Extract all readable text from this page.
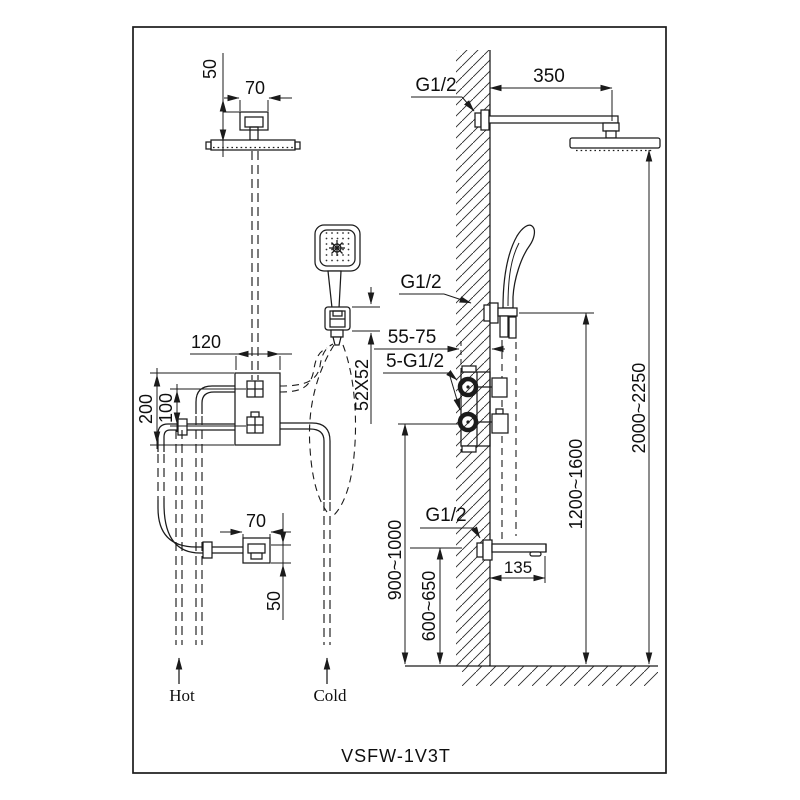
50
70
120
200 100	52X52
70
50
Hot	Cold
G1/2	350
G1/2
55-75
5-G1/2
G1/2
135
2000~2250
1200~1600
900~1000
600~650
VSFW-1V3T
